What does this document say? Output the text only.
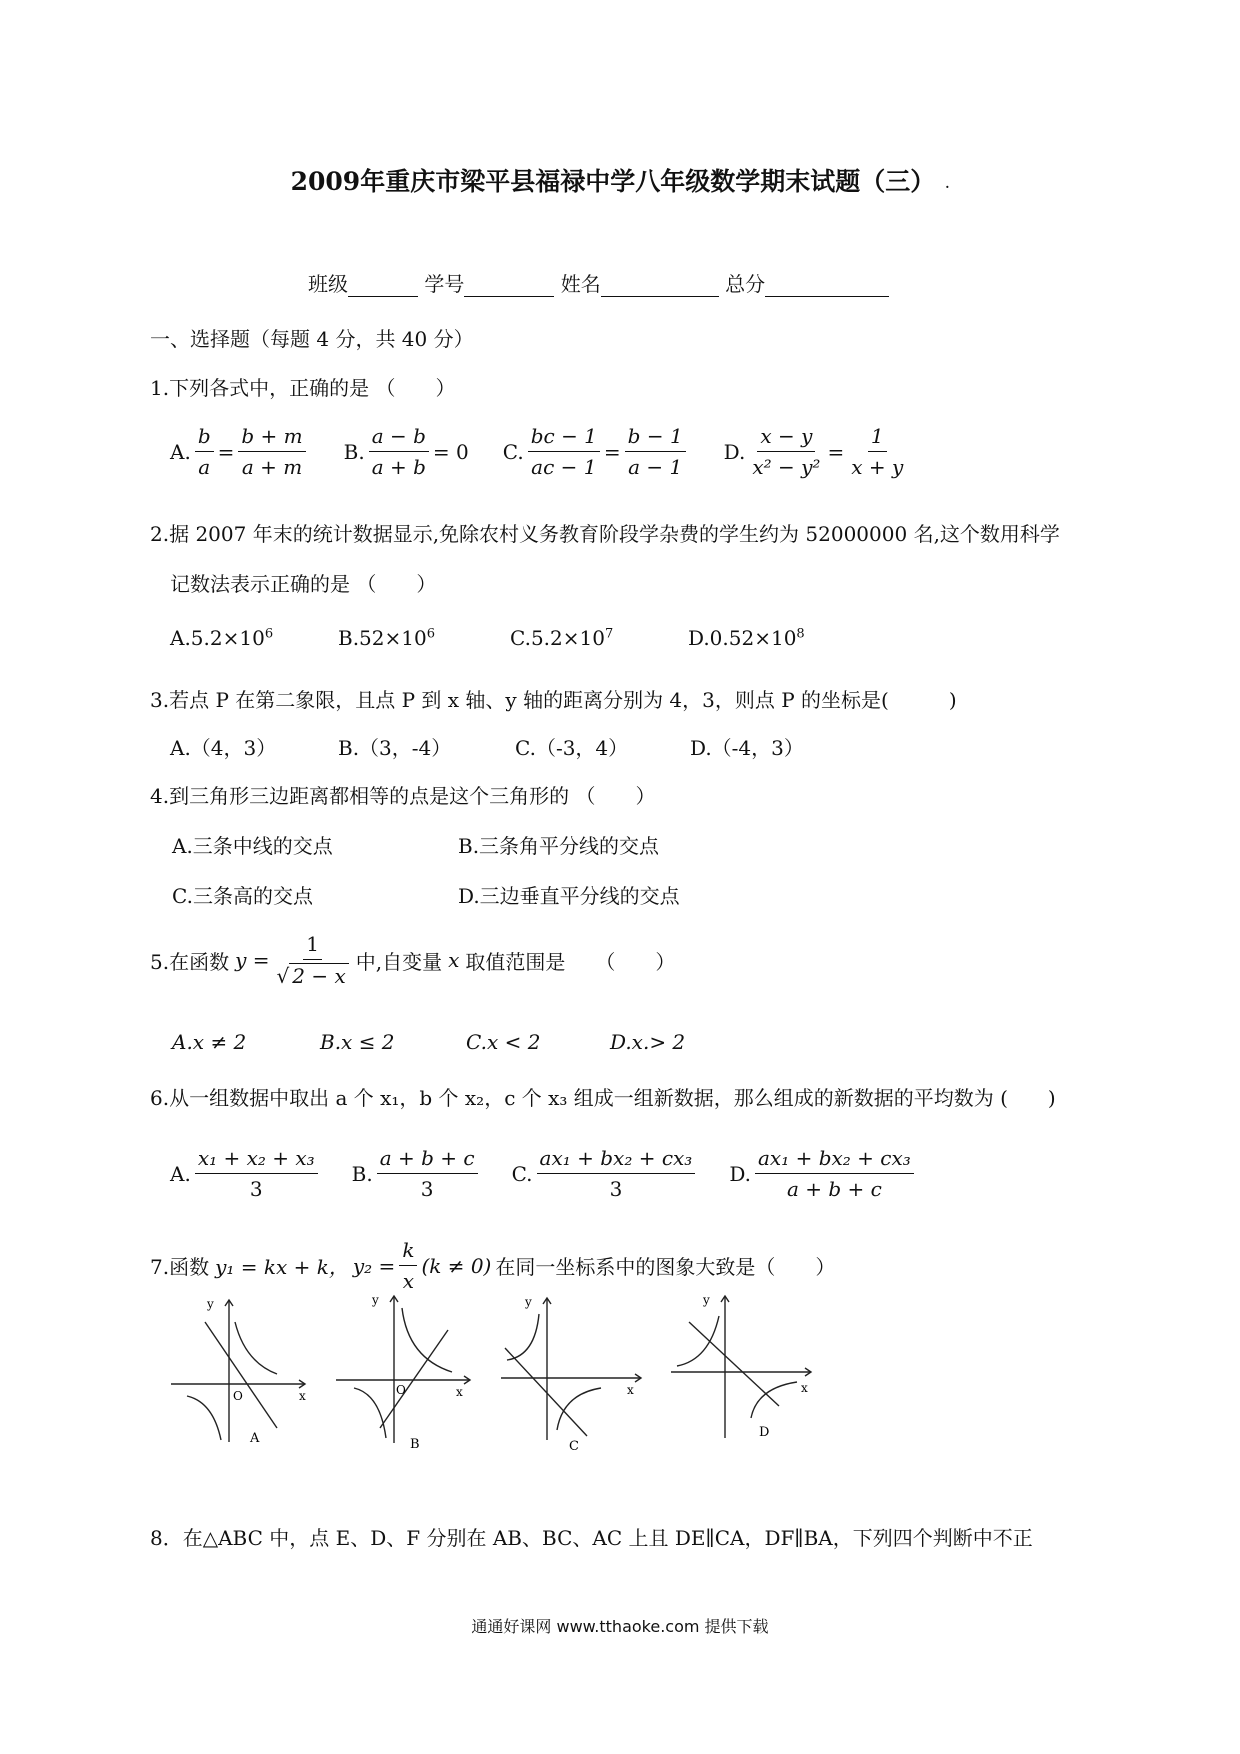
2009年重庆市梁平县福禄中学八年级数学期末试题（三） .
班级	学号	姓名	总分
一、选择题（每题 4 分，共 40 分）
1.下列各式中，正确的是 （　　）
A. $\frac{b}{a} = \frac{b + m}{a + m} B$. $\frac{a - b}{a + b} = 0$ C. $\frac{bc - 1}{ac - 1} = \frac{b - 1}{a - 1} D$. $\frac{x - y}{\text{x² − y²}} = \frac{1}{x + y}$
2.据 2007 年末的统计数据显示,免除农村义务教育阶段学杂费的学生约为 52000000 名,这个数用科学
记数法表示正确的是 （　　）
$A.5.2\times 10^6$	$B.52\times 10^6$	$C.5.2\times 10^7$	$D.0.52\times 10^8$
3.若点 P 在第二象限，且点 P 到 x 轴、y 轴的距离分别为 4，3，则点 P 的坐标是(　　　)
A.（4，3）	B.（3，-4）	C.（-3，4）	D.（-4，3）
4.到三角形三边距离都相等的点是这个三角形的 （　　）
A.三条中线的交点	B.三条角平分线的交点
C.三条高的交点	D.三边垂直平分线的交点
5.在函数 $y = \frac{1}{√ 2 - x}$ 中,自变量 x 取值范围是　　（　　）
A.x ≠ 2	B.x ≤ 2	C.x < 2	D.x.> 2
6.从一组数据中取出 a 个 x₁，b 个 x₂，c 个 x₃ 组成一组新数据，那么组成的新数据的平均数为 (　　)
A. $\frac{\text{x₁ + x₂ + x₃}}{3} B$. $\frac{a + b + c}{3} C$. $\frac{\text{ax₁ + bx₂ + cx₃}}{3} D$. $\frac{\text{ax₁ + bx₂ + cx₃}}{a + b + c}$
7.函数 y₁ = kx + k， $y_2 = \frac{k}{x} (k \ne 0)$ 在同一坐标系中的图象大致是（　　）
y
x
O
A
y
x
O
B
y
x
C
y
x
D
8．在△ABC 中，点 E、D、F 分别在 AB、BC、AC 上且 DE∥CA，DF∥BA，下列四个判断中不正
通通好课网 www.tthaoke.com 提供下载
